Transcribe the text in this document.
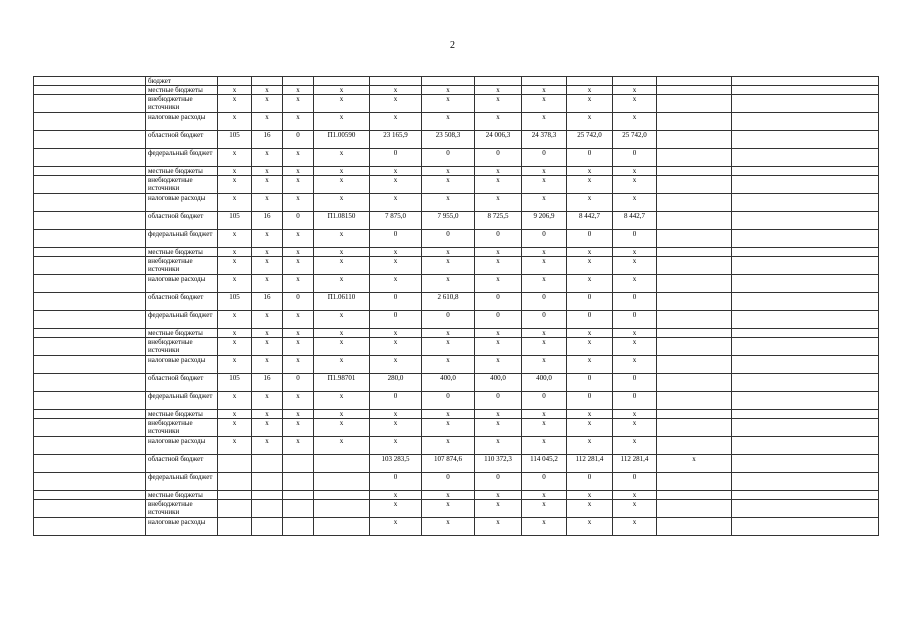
2
	бюджет												
	местные бюджеты	х	х	х	х	х	х	х	х	х	х		
	внебюджетные источники	х	х	х	х	х	х	х	х	х	х		
	налоговые расходы	х	х	х	х	х	х	х	х	х	х		
	областной бюджет	105	16	0	П1.00590	23 165,9	23 508,3	24 006,3	24 378,3	25 742,0	25 742,0		
	федеральный бюджет	х	х	х	х	0	0	0	0	0	0		
	местные бюджеты	х	х	х	х	х	х	х	х	х	х		
	внебюджетные источники	х	х	х	х	х	х	х	х	х	х		
	налоговые расходы	х	х	х	х	х	х	х	х	х	х		
	областной бюджет	105	16	0	П1.08150	7 875,0	7 955,0	8 725,5	9 206,9	8 442,7	8 442,7		
	федеральный бюджет	х	х	х	х	0	0	0	0	0	0		
	местные бюджеты	х	х	х	х	х	х	х	х	х	х		
	внебюджетные источники	х	х	х	х	х	х	х	х	х	х		
	налоговые расходы	х	х	х	х	х	х	х	х	х	х		
	областной бюджет	105	16	0	П1.06110	0	2 610,8	0	0	0	0		
	федеральный бюджет	х	х	х	х	0	0	0	0	0	0		
	местные бюджеты	х	х	х	х	х	х	х	х	х	х		
	внебюджетные источники	х	х	х	х	х	х	х	х	х	х		
	налоговые расходы	х	х	х	х	х	х	х	х	х	х		
	областной бюджет	105	16	0	П1.98701	280,0	400,0	400,0	400,0	0	0		
	федеральный бюджет	х	х	х	х	0	0	0	0	0	0		
	местные бюджеты	х	х	х	х	х	х	х	х	х	х		
	внебюджетные источники	х	х	х	х	х	х	х	х	х	х		
	налоговые расходы	х	х	х	х	х	х	х	х	х	х		
	областной бюджет					103 283,5	107 874,6	110 372,3	114 045,2	112 281,4	112 281,4	х	
	федеральный бюджет					0	0	0	0	0	0		
	местные бюджеты					х	х	х	х	х	х		
	внебюджетные источники					х	х	х	х	х	х		
	налоговые расходы					х	х	х	х	х	х		
